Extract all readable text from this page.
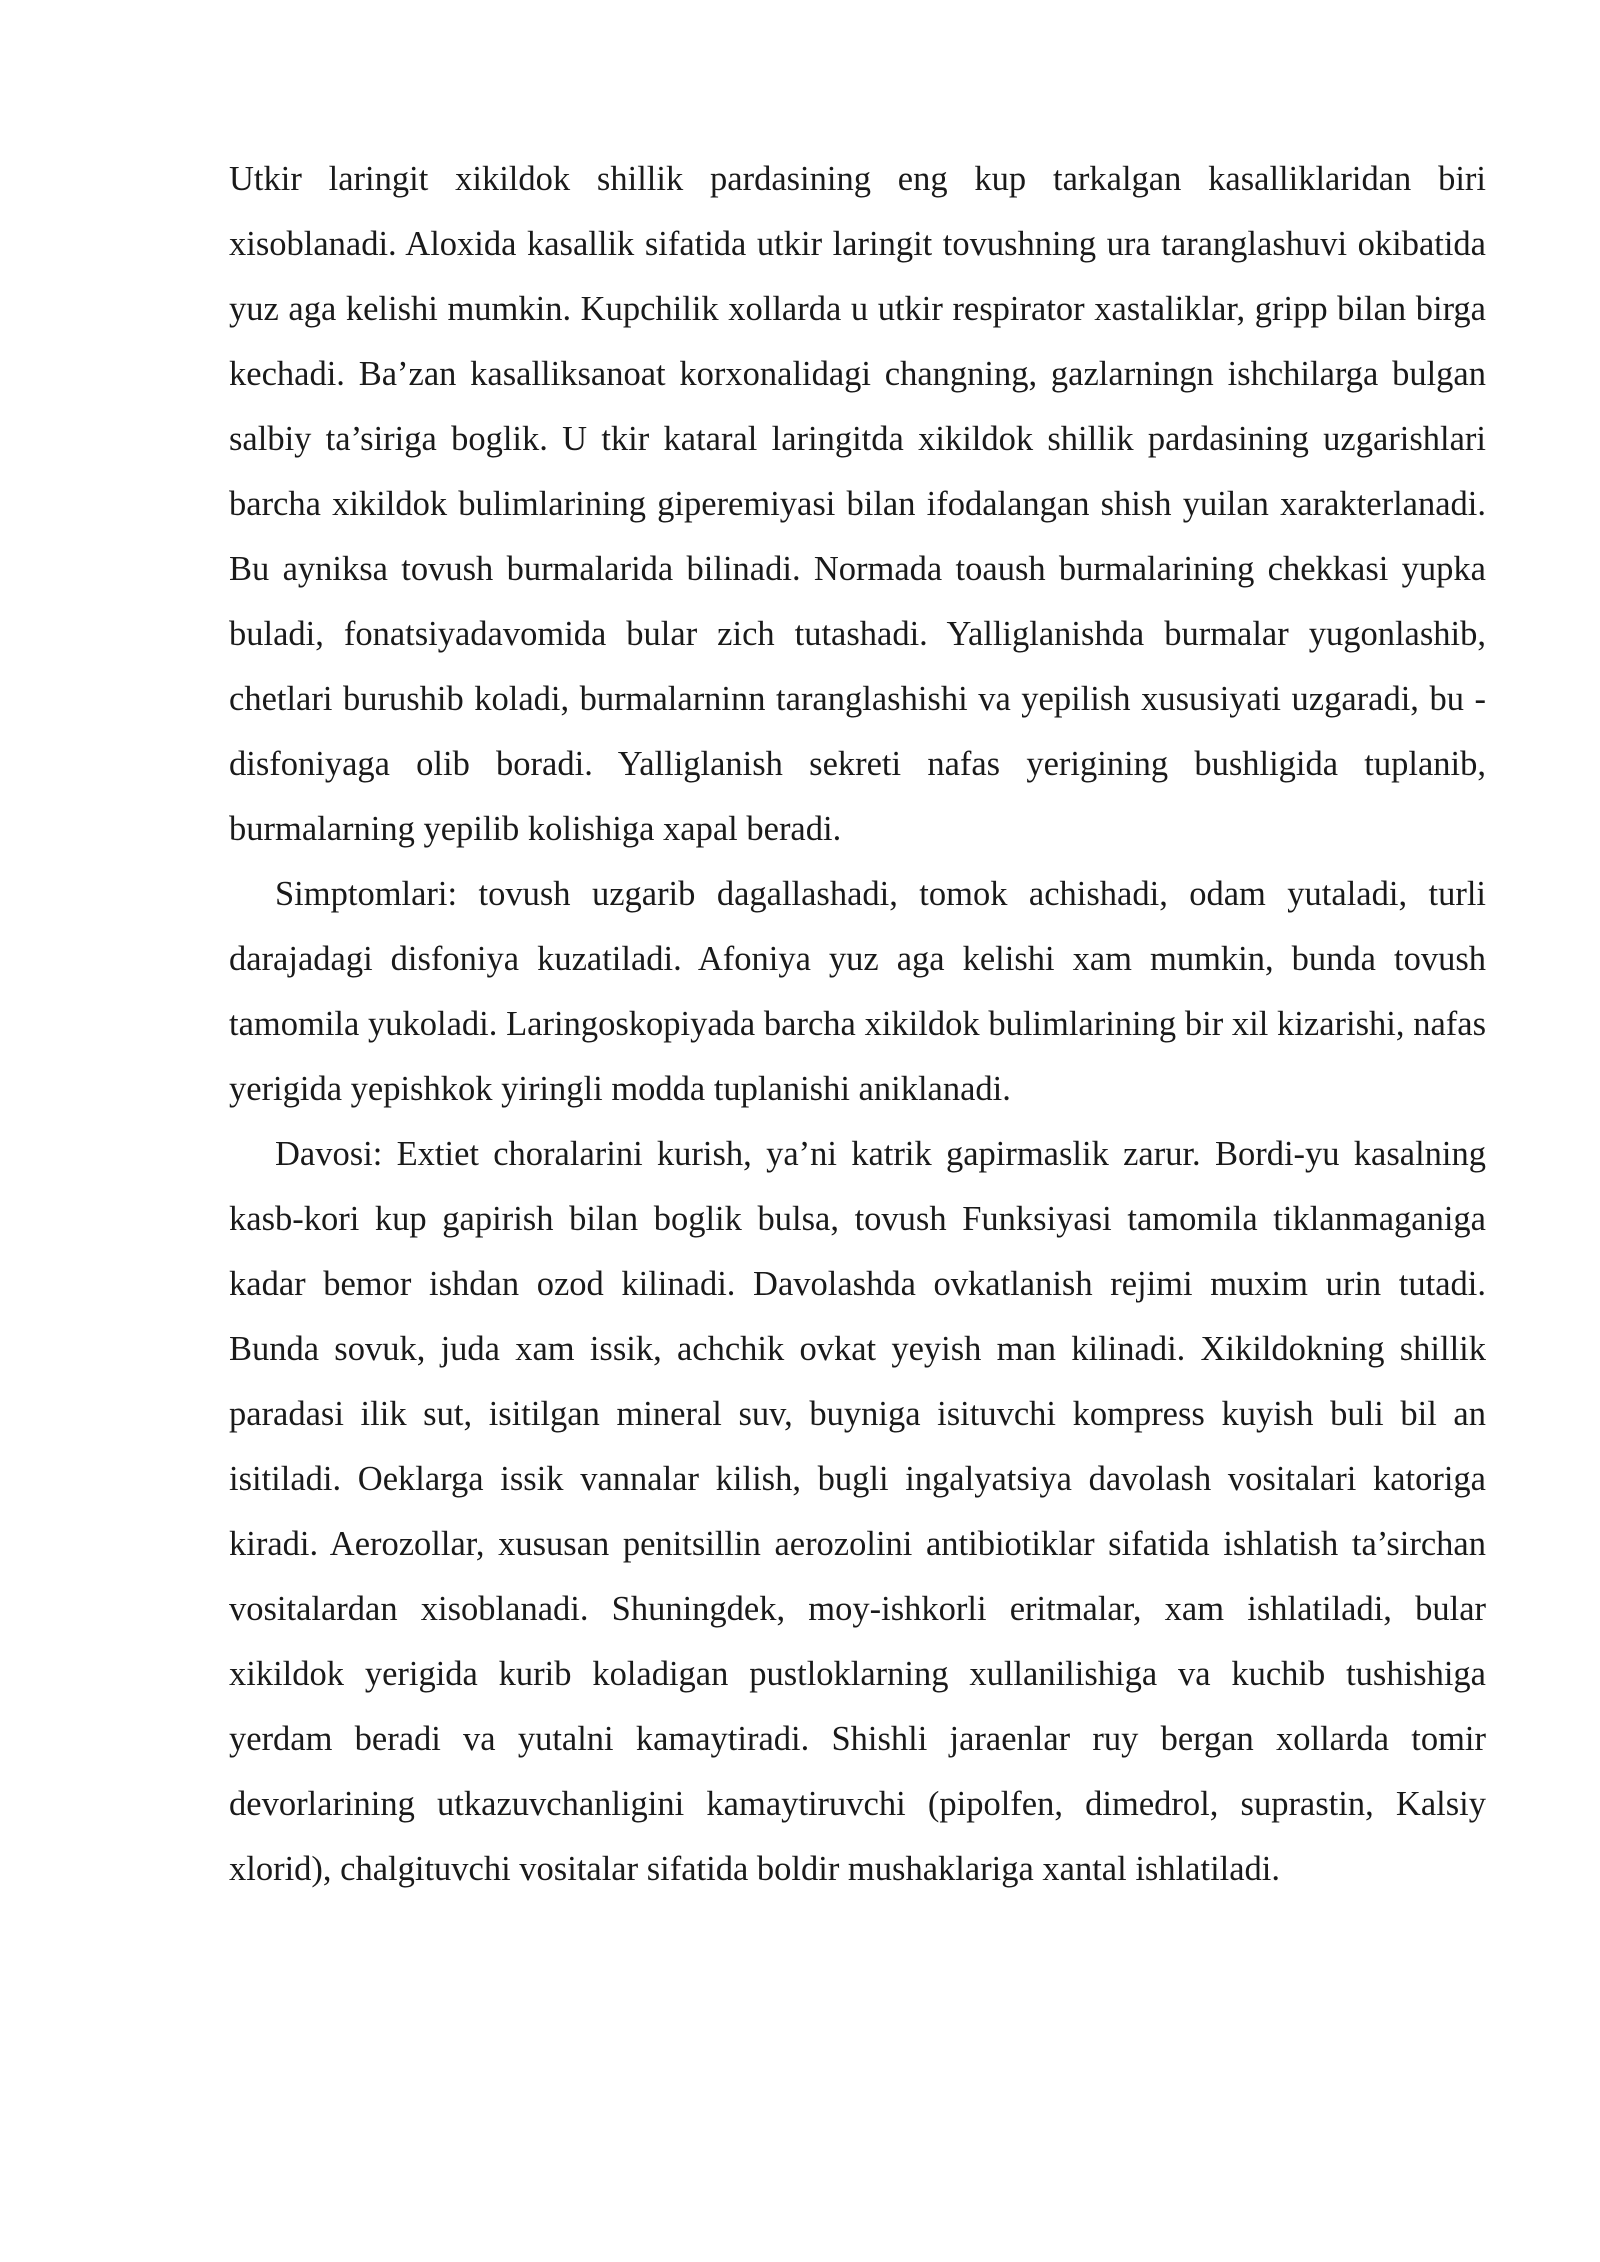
Utkir laringit xikildok shillik pardasining eng kup tarkalgan kasalliklaridan biri xisoblanadi. Aloxida kasallik sifatida utkir laringit tovushning ura taranglashuvi okibatida yuz aga kelishi mumkin. Kupchilik xollarda u utkir respirator xastaliklar, gripp bilan birga kechadi. Ba’zan kasalliksanoat korxonalidagi changning, gazlarningn ishchilarga bulgan salbiy ta’siriga boglik. U tkir kataral laringitda xikildok shillik pardasining uzgarishlari barcha xikildok bulimlarining giperemiyasi bilan ifodalangan shish yuilan xarakterlanadi. Bu ayniksa tovush burmalarida bilinadi. Normada toaush burmalarining chekkasi yupka buladi, fonatsiyadavomida bular zich tutashadi. Yalliglanishda burmalar yugonlashib, chetlari burushib koladi, burmalarninn taranglashishi va yepilish xususiyati uzgaradi, bu - disfoniyaga olib boradi. Yalliglanish sekreti nafas yerigining bushligida tuplanib, burmalarning yepilib kolishiga xapal beradi.

Simptomlari: tovush uzgarib dagallashadi, tomok achishadi, odam yutaladi, turli darajadagi disfoniya kuzatiladi. Afoniya yuz aga kelishi xam mumkin, bunda tovush tamomila yukoladi. Laringoskopiyada barcha xikildok bulimlarining bir xil kizarishi, nafas yerigida yepishkok yiringli modda tuplanishi aniklanadi.

Davosi: Extiet choralarini kurish, ya’ni katrik gapirmaslik zarur. Bordi-yu kasalning kasb-kori kup gapirish bilan boglik bulsa, tovush Funksiyasi tamomila tiklanmaganiga kadar bemor ishdan ozod kilinadi. Davolashda ovkatlanish rejimi muxim urin tutadi. Bunda sovuk, juda xam issik, achchik ovkat yeyish man kilinadi. Xikildokning shillik paradasi ilik sut, isitilgan mineral suv, buyniga isituvchi kompress kuyish buli bil an isitiladi. Oeklarga issik vannalar kilish, bugli ingalyatsiya davolash vositalari katoriga kiradi. Aerozollar, xususan penitsillin aerozolini antibiotiklar sifatida ishlatish ta’sirchan vositalardan xisoblanadi. Shuningdek, moy-ishkorli eritmalar, xam ishlatiladi, bular xikildok yerigida kurib koladigan pustloklarning xullanilishiga va kuchib tushishiga yerdam beradi va yutalni kamaytiradi. Shishli jaraenlar ruy bergan xollarda tomir devorlarining utkazuvchanligini kamaytiruvchi (pipolfen, dimedrol, suprastin, Kalsiy xlorid), chalgituvchi vositalar sifatida boldir mushaklariga xantal ishlatiladi.
